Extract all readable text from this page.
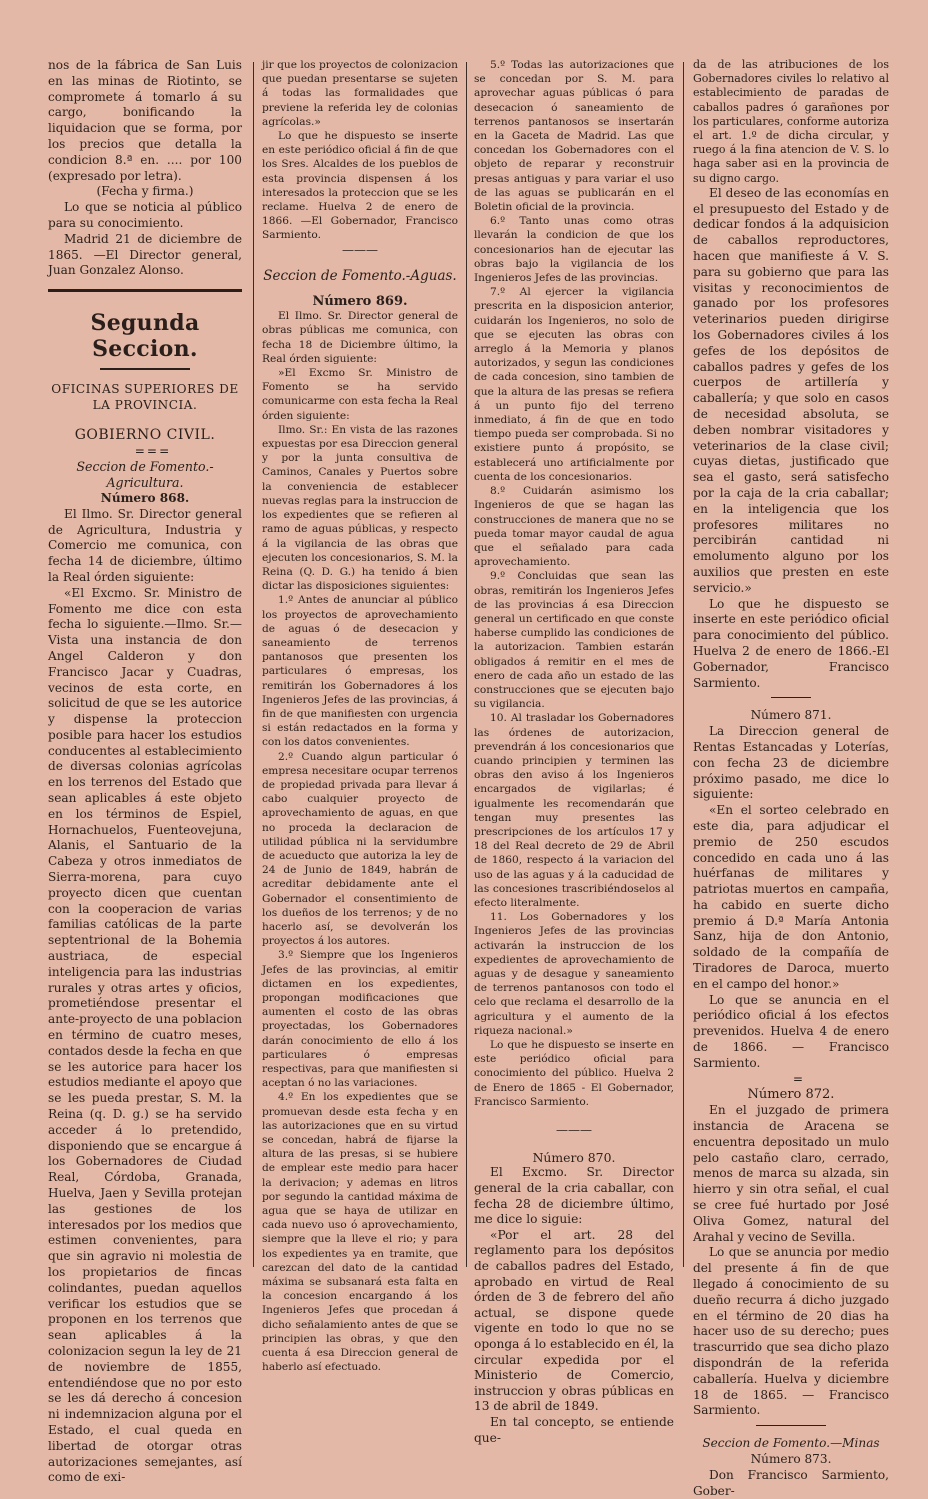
nos de la fábrica de San Luis en las minas de Riotinto, se compromete á tomarlo á su cargo, bonificando la liquidacion que se forma, por los precios que detalla la condicion 8.ª en. .... por 100 (expresado por letra).

(Fecha y firma.)

Lo que se noticia al público para su conocimiento.

Madrid 21 de diciembre de 1865. —El Director general, Juan Gonzalez Alonso.

Segunda Seccion.

OFICINAS SUPERIORES DE LA PROVINCIA.

GOBIERNO CIVIL.

===

Seccion de Fomento.-Agricultura.

Número 868.

El Ilmo. Sr. Director general de Agricultura, Industria y Comercio me comunica, con fecha 14 de diciembre, último la Real órden siguiente:

«El Excmo. Sr. Ministro de Fomento me dice con esta fecha lo siguiente.—Ilmo. Sr.—Vista una instancia de don Angel Calderon y don Francisco Jacar y Cuadras, vecinos de esta corte, en solicitud de que se les autorice y dispense la proteccion posible para hacer los estudios conducentes al establecimiento de diversas colonias agrícolas en los terrenos del Estado que sean aplicables á este objeto en los términos de Espiel, Hornachuelos, Fuenteovejuna, Alanis, el Santuario de la Cabeza y otros inmediatos de Sierra-morena, para cuyo proyecto dicen que cuentan con la cooperacion de varias familias católicas de la parte septentrional de la Bohemia austriaca, de especial inteligencia para las industrias rurales y otras artes y oficios, prometiéndose presentar el ante-proyecto de una poblacion en término de cuatro meses, contados desde la fecha en que se les autorice para hacer los estudios mediante el apoyo que se les pueda prestar, S. M. la Reina (q. D. g.) se ha servido acceder á lo pretendido, disponiendo que se encargue á los Gobernadores de Ciudad Real, Córdoba, Granada, Huelva, Jaen y Sevilla protejan las gestiones de los interesados por los medios que estimen convenientes, para que sin agravio ni molestia de los propietarios de fincas colindantes, puedan aquellos verificar los estudios que se proponen en los terrenos que sean aplicables á la colonizacion segun la ley de 21 de noviembre de 1855, entendiéndose que no por esto se les dá derecho á concesion ni indemnizacion alguna por el Estado, el cual queda en libertad de otorgar otras autorizaciones semejantes, así como de exi-

jir que los proyectos de colonizacion que puedan presentarse se sujeten á todas las formalidades que previene la referida ley de colonias agrícolas.»

Lo que he dispuesto se inserte en este periódico oficial á fin de que los Sres. Alcaldes de los pueblos de esta provincia dispensen á los interesados la proteccion que se les reclame. Huelva 2 de enero de 1866. —El Gobernador, Francisco Sarmiento.

———

Seccion de Fomento.-Aguas.

Número 869.

El Ilmo. Sr. Director general de obras públicas me comunica, con fecha 18 de Diciembre último, la Real órden siguiente:

»El Excmo Sr. Ministro de Fomento se ha servido comunicarme con esta fecha la Real órden siguiente:

Ilmo. Sr.: En vista de las razones expuestas por esa Direccion general y por la junta consultiva de Caminos, Canales y Puertos sobre la conveniencia de establecer nuevas reglas para la instruccion de los expedientes que se refieren al ramo de aguas públicas, y respecto á la vigilancia de las obras que ejecuten los concesionarios, S. M. la Reina (Q. D. G.) ha tenido á bien dictar las disposiciones siguientes:

1.º Antes de anunciar al público los proyectos de aprovechamiento de aguas ó de desecacion y saneamiento de terrenos pantanosos que presenten los particulares ó empresas, los remitirán los Gobernadores á los Ingenieros Jefes de las provincias, á fin de que manifiesten con urgencia si están redactados en la forma y con los datos convenientes.

2.º Cuando algun particular ó empresa necesitare ocupar terrenos de propiedad privada para llevar á cabo cualquier proyecto de aprovechamiento de aguas, en que no proceda la declaracion de utilidad pública ni la servidumbre de acueducto que autoriza la ley de 24 de Junio de 1849, habrán de acreditar debidamente ante el Gobernador el consentimiento de los dueños de los terrenos; y de no hacerlo así, se devolverán los proyectos á los autores.

3.º Siempre que los Ingenieros Jefes de las provincias, al emitir dictamen en los expedientes, propongan modificaciones que aumenten el costo de las obras proyectadas, los Gobernadores darán conocimiento de ello á los particulares ó empresas respectivas, para que manifiesten si aceptan ó no las variaciones.

4.º En los expedientes que se promuevan desde esta fecha y en las autorizaciones que en su virtud se concedan, habrá de fijarse la altura de las presas, si se hubiere de emplear este medio para hacer la derivacion; y ademas en litros por segundo la cantidad máxima de agua que se haya de utilizar en cada nuevo uso ó aprovechamiento, siempre que la lleve el rio; y para los expedientes ya en tramite, que carezcan del dato de la cantidad máxima se subsanará esta falta en la concesion encargando á los Ingenieros Jefes que procedan á dicho señalamiento antes de que se principien las obras, y que den cuenta á esa Direccion general de haberlo así efectuado.

5.º Todas las autorizaciones que se concedan por S. M. para aprovechar aguas públicas ó para desecacion ó saneamiento de terrenos pantanosos se insertarán en la Gaceta de Madrid. Las que concedan los Gobernadores con el objeto de reparar y reconstruir presas antiguas y para variar el uso de las aguas se publicarán en el Boletin oficial de la provincia.

6.º Tanto unas como otras llevarán la condicion de que los concesionarios han de ejecutar las obras bajo la vigilancia de los Ingenieros Jefes de las provincias.

7.º Al ejercer la vigilancia prescrita en la disposicion anterior, cuidarán los Ingenieros, no solo de que se ejecuten las obras con arreglo á la Memoria y planos autorizados, y segun las condiciones de cada concesion, sino tambien de que la altura de las presas se refiera á un punto fijo del terreno inmediato, á fin de que en todo tiempo pueda ser comprobada. Si no existiere punto á propósito, se establecerá uno artificialmente por cuenta de los concesionarios.

8.º Cuidarán asimismo los Ingenieros de que se hagan las construcciones de manera que no se pueda tomar mayor caudal de agua que el señalado para cada aprovechamiento.

9.º Concluidas que sean las obras, remitirán los Ingenieros Jefes de las provincias á esa Direccion general un certificado en que conste haberse cumplido las condiciones de la autorizacion. Tambien estarán obligados á remitir en el mes de enero de cada año un estado de las construcciones que se ejecuten bajo su vigilancia.

10. Al trasladar los Gobernadores las órdenes de autorizacion, prevendrán á los concesionarios que cuando principien y terminen las obras den aviso á los Ingenieros encargados de vigilarlas; é igualmente les recomendarán que tengan muy presentes las prescripciones de los artículos 17 y 18 del Real decreto de 29 de Abril de 1860, respecto á la variacion del uso de las aguas y á la caducidad de las concesiones trascribiéndoselos al efecto literalmente.

11. Los Gobernadores y los Ingenieros Jefes de las provincias activarán la instruccion de los expedientes de aprovechamiento de aguas y de desague y saneamiento de terrenos pantanosos con todo el celo que reclama el desarrollo de la agricultura y el aumento de la riqueza nacional.»

Lo que he dispuesto se inserte en este periódico oficial para conocimiento del público. Huelva 2 de Enero de 1865 - El Gobernador, Francisco Sarmiento.

———

Número 870.

El Excmo. Sr. Director general de la cria caballar, con fecha 28 de diciembre último, me dice lo siguie:

«Por el art. 28 del reglamento para los depósitos de caballos padres del Estado, aprobado en virtud de Real órden de 3 de febrero del año actual, se dispone quede vigente en todo lo que no se oponga á lo establecido en él, la circular expedida por el Ministerio de Comercio, instruccion y obras públicas en 13 de abril de 1849.

En tal concepto, se entiende que-

da de las atribuciones de los Gobernadores civiles lo relativo al establecimiento de paradas de caballos padres ó garañones por los particulares, conforme autoriza el art. 1.º de dicha circular, y ruego á la fina atencion de V. S. lo haga saber asi en la provincia de su digno cargo.

El deseo de las economías en el presupuesto del Estado y de dedicar fondos á la adquisicion de caballos reproductores, hacen que manifieste á V. S. para su gobierno que para las visitas y reconocimientos de ganado por los profesores veterinarios pueden dirigirse los Gobernadores civiles á los gefes de los depósitos de caballos padres y gefes de los cuerpos de artillería y caballería; y que solo en casos de necesidad absoluta, se deben nombrar visitadores y veterinarios de la clase civil; cuyas dietas, justificado que sea el gasto, será satisfecho por la caja de la cria caballar; en la inteligencia que los profesores militares no percibirán cantidad ni emolumento alguno por los auxilios que presten en este servicio.»

Lo que he dispuesto se inserte en este periódico oficial para conocimiento del público. Huelva 2 de enero de 1866.-El Gobernador, Francisco Sarmiento.

Número 871.

La Direccion general de Rentas Estancadas y Loterías, con fecha 23 de diciembre próximo pasado, me dice lo siguiente:

«En el sorteo celebrado en este dia, para adjudicar el premio de 250 escudos concedido en cada uno á las huérfanas de militares y patriotas muertos en campaña, ha cabido en suerte dicho premio á D.ª María Antonia Sanz, hija de don Antonio, soldado de la compañía de Tiradores de Daroca, muerto en el campo del honor.»

Lo que se anuncia en el periódico oficial á los efectos prevenidos. Huelva 4 de enero de 1866. — Francisco Sarmiento.

=

Número 872.

En el juzgado de primera instancia de Aracena se encuentra depositado un mulo pelo castaño claro, cerrado, menos de marca su alzada, sin hierro y sin otra señal, el cual se cree fué hurtado por José Oliva Gomez, natural del Arahal y vecino de Sevilla.

Lo que se anuncia por medio del presente á fin de que llegado á conocimiento de su dueño recurra á dicho juzgado en el término de 20 dias ha hacer uso de su derecho; pues trascurrido que sea dicho plazo dispondrán de la referida caballería. Huelva y diciembre 18 de 1865. — Francisco Sarmiento.

Seccion de Fomento.—Minas

Número 873.

Don Francisco Sarmiento, Gober-
